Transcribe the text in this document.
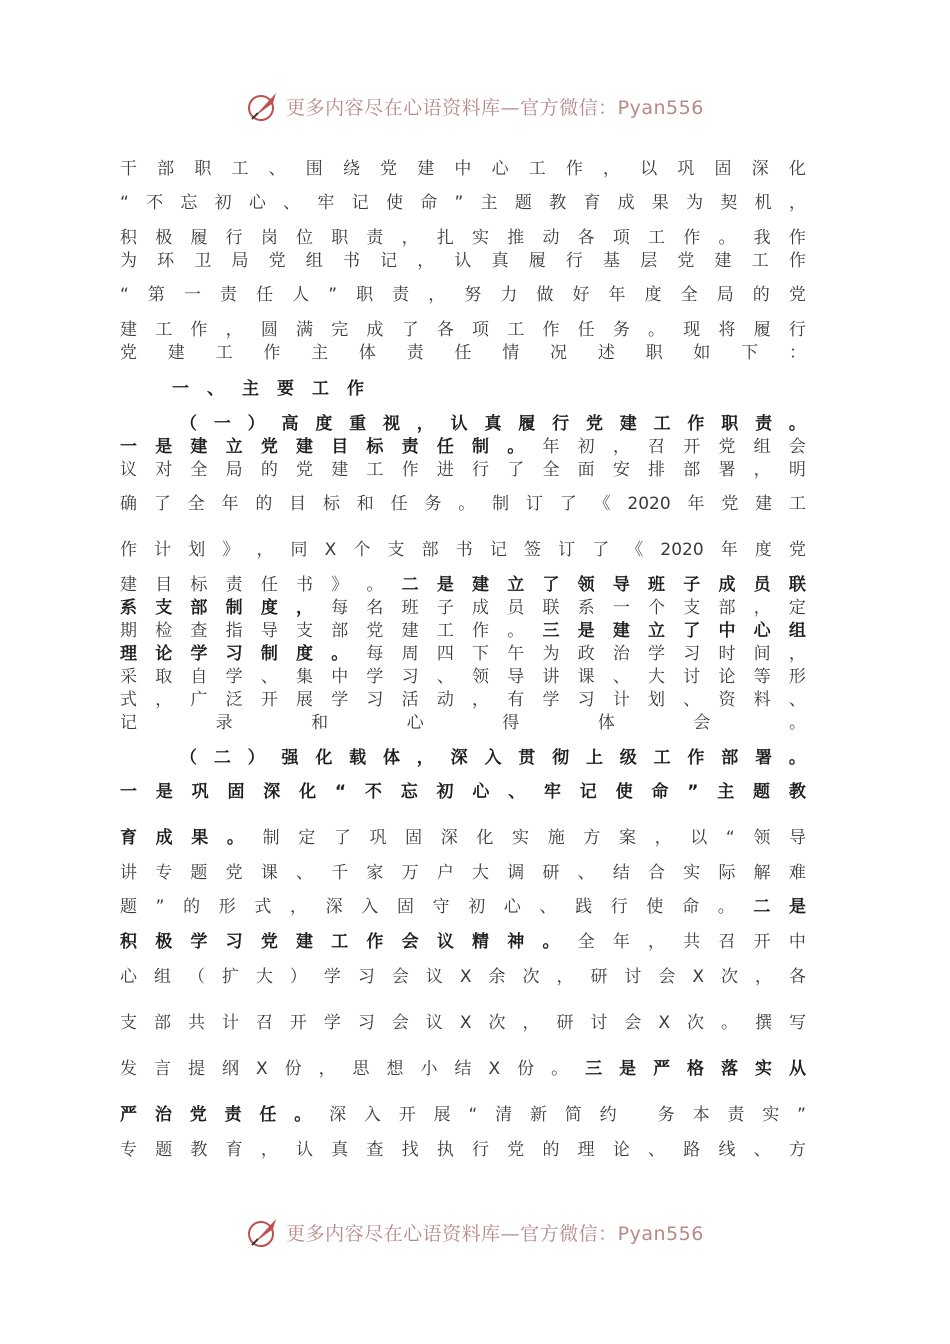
更多内容尽在心语资料库—官方微信：Pyan556
更多内容尽在心语资料库—官方微信：Pyan556
干 部 职 工 、 围 绕 党 建 中 心 工 作 ， 以 巩 固 深 化
“ 不 忘 初 心 、 牢 记 使 命 ” 主 题 教 育 成 果 为 契 机 ，
积 极 履 行 岗 位 职 责 ， 扎 实 推 动 各 项 工 作 。 我 作
为 环 卫 局 党 组 书 记 ， 认 真 履 行 基 层 党 建 工 作
“ 第 一 责 任 人 ” 职 责 ， 努 力 做 好 年 度 全 局 的 党
建 工 作 ， 圆 满 完 成 了 各 项 工 作 任 务 。 现 将 履 行
党 建 工 作 主 体 责 任 情 况 述 职 如 下 ：
一 、 主 要 工 作
（ 一 ） 高 度 重 视 ， 认 真 履 行 党 建 工 作 职 责 。
一 是 建 立 党 建 目 标 责 任 制 。 年 初 ， 召 开 党 组 会
议 对 全 局 的 党 建 工 作 进 行 了 全 面 安 排 部 署 ， 明
确 了 全 年 的 目 标 和 任 务 。 制 订 了 《 2020 年 党 建 工
作 计 划 》 ， 同 X 个 支 部 书 记 签 订 了 《 2020 年 度 党
建 目 标 责 任 书 》 。 二 是 建 立 了 领 导 班 子 成 员 联
系 支 部 制 度 ， 每 名 班 子 成 员 联 系 一 个 支 部 ， 定
期 检 查 指 导 支 部 党 建 工 作 。 三 是 建 立 了 中 心 组
理 论 学 习 制 度 。 每 周 四 下 午 为 政 治 学 习 时 间 ，
采 取 自 学 、 集 中 学 习 、 领 导 讲 课 、 大 讨 论 等 形
式 ， 广 泛 开 展 学 习 活 动 ， 有 学 习 计 划 、 资 料 、
记	录	和	心	得	体	会	。
（ 二 ） 强 化 载 体 ， 深 入 贯 彻 上 级 工 作 部 署 。
一 是 巩 固 深 化 “ 不 忘 初 心 、 牢 记 使 命 ” 主 题 教
育 成 果 。 制 定 了 巩 固 深 化 实 施 方 案 ， 以 “ 领 导
讲 专 题 党 课 、 千 家 万 户 大 调 研 、 结 合 实 际 解 难
题 ” 的 形 式 ， 深 入 固 守 初 心 、 践 行 使 命 。 二 是
积 极 学 习 党 建 工 作 会 议 精 神 。 全 年 ， 共 召 开 中
心 组 （ 扩 大 ） 学 习 会 议 X 余 次 ， 研 讨 会 X 次 ， 各
支 部 共 计 召 开 学 习 会 议 X 次 ， 研 讨 会 X 次 。 撰 写
发 言 提 纲 X 份 ， 思 想 小 结 X 份 。 三 是 严 格 落 实 从
严 治 党 责 任 。 深 入 开 展 “ 清 新 简 约
务 本 责 实 ”
专 题 教 育 ， 认 真 查 找 执 行 党 的 理 论 、 路 线 、 方
